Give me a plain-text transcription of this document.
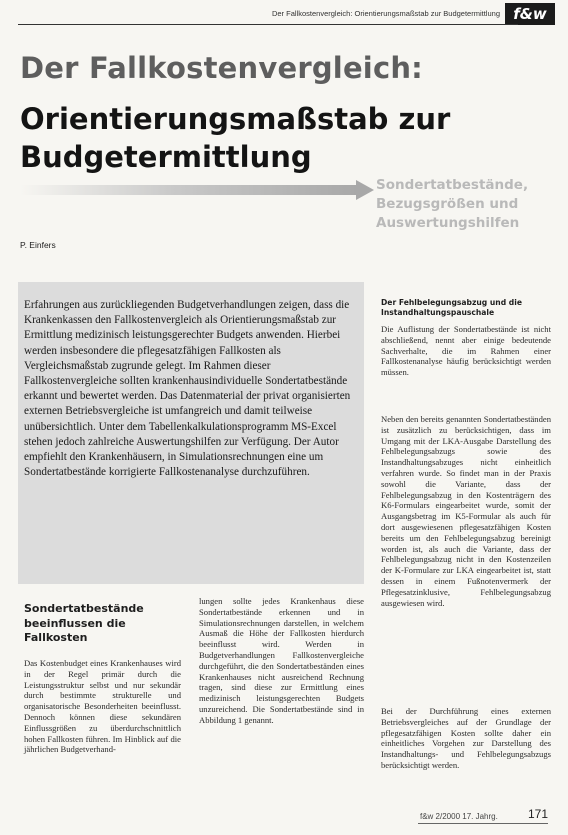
Der Fallkostenvergleich: Orientierungsmaßstab zur Budgetermittlung f&w
Der Fallkostenvergleich:
Orientierungsmaßstab zur Budgetermittlung
Sondertatbestände, Bezugsgrößen und Auswertungshilfen
P. Einfers
Erfahrungen aus zurückliegenden Budgetverhandlungen zeigen, dass die Krankenkassen den Fallkostenvergleich als Orientierungsmaßstab zur Ermittlung medizinisch leistungsgerechter Budgets anwenden. Hierbei werden insbesondere die pflegesatzfähigen Fallkosten als Vergleichsmaßstab zugrunde gelegt. Im Rahmen dieser Fallkostenvergleiche sollten krankenhausindividuelle Sondertatbestände erkannt und bewertet werden. Das Datenmaterial der privat organisierten externen Betriebsvergleiche ist umfangreich und damit teilweise unübersichtlich. Unter dem Tabellenkalkulationsprogramm MS-Excel stehen jedoch zahlreiche Auswertungshilfen zur Verfügung. Der Autor empfiehlt den Krankenhäusern, in Simulationsrechnungen eine um Sondertatbestände korrigierte Fallkostenanalyse durchzuführen.
Der Fehlbelegungsabzug und die Instandhaltungspauschale
Die Auflistung der Sondertatbestände ist nicht abschließend, nennt aber einige bedeutende Sachverhalte, die im Rahmen einer Fallkostenanalyse häufig berücksichtigt werden müssen.
Neben den bereits genannten Sondertatbeständen ist zusätzlich zu berücksichtigen, dass im Umgang mit der LKA-Ausgabe Darstellung des Fehlbelegungsabzugs sowie des Instandhaltungsabzuges nicht einheitlich verfahren wurde. So findet man in der Praxis sowohl die Variante, dass der Fehlbelegungsabzug in den Kostenträgern des K6-Formulars eingearbeitet wurde, somit der Ausgangsbetrag im K5-Formular als auch für dort ausgewiesenen pflegesatzfähigen Kosten bereits um den Fehlbelegungsabzug bereinigt worden ist, als auch die Variante, dass der Fehlbelegungsabzug nicht in den Kostenzeilen der K-Formulare zur LKA eingearbeitet ist, statt dessen in einem Fußnotenvermerk der Pflegesatzinklusive, Fehlbelegungsabzug ausgewiesen wird.
Bei der Durchführung eines externen Betriebsvergleiches auf der Grundlage der pflegesatzfähigen Kosten sollte daher ein einheitliches Vorgehen zur Darstellung des Instandhaltungs- und Fehlbelegungsabzugs berücksichtigt werden.
Sondertatbestände beeinflussen die Fallkosten
Das Kostenbudget eines Krankenhauses wird in der Regel primär durch die Leistungsstruktur selbst und nur sekundär durch bestimmte strukturelle und organisatorische Besonderheiten beeinflusst. Dennoch können diese sekundären Einflussgrößen zu überdurchschnittlich hohen Fallkosten führen. Im Hinblick auf die jährlichen Budgetverhand-
lungen sollte jedes Krankenhaus diese Sondertatbestände erkennen und in Simulationsrechnungen darstellen, in welchem Ausmaß die Höhe der Fallkosten hierdurch beeinflusst wird. Werden in Budgetverhandlungen Fallkostenvergleiche durchgeführt, die den Sondertatbeständen eines Krankenhauses nicht ausreichend Rechnung tragen, sind diese zur Ermittlung eines medizinisch leistungsgerechten Budgets unzureichend. Die Sondertatbestände sind in Abbildung 1 genannt.
f&w 2/2000 17. Jahrg.	171
